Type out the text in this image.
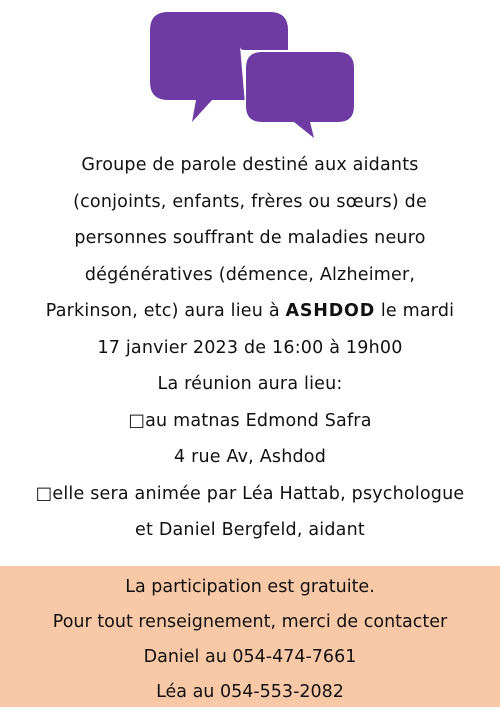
Groupe de parole destiné aux aidants
(conjoints, enfants, frères ou sœurs) de
personnes souffrant de maladies neuro
dégénératives (démence, Alzheimer,
Parkinson, etc) aura lieu à ASHDOD le mardi
17 janvier 2023 de 16:00 à 19h00
La réunion aura lieu:
□au matnas Edmond Safra
4 rue Av, Ashdod
□elle sera animée par Léa Hattab, psychologue
et Daniel Bergfeld, aidant
La participation est gratuite.
Pour tout renseignement, merci de contacter
Daniel au 054-474-7661
Léa au 054-553-2082
